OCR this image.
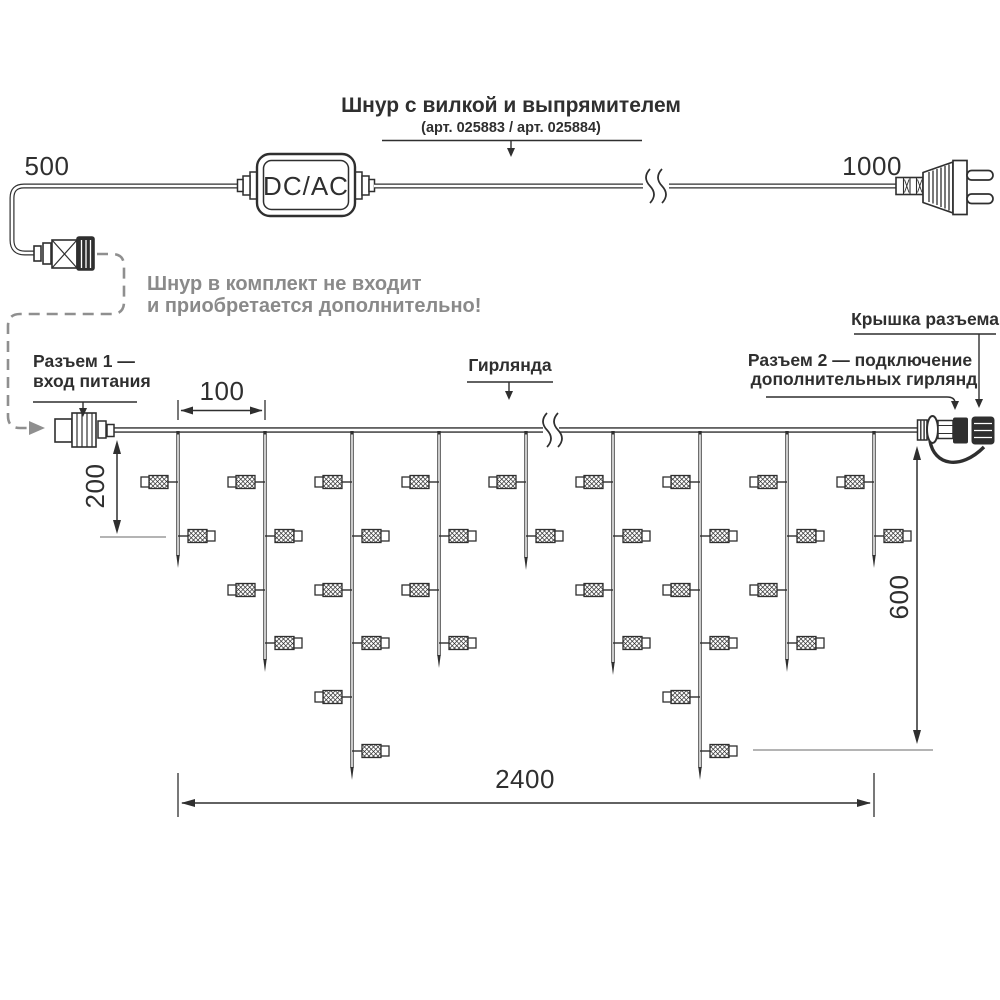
DC/AC
500	1000
Шнур с вилкой и выпрямителем
(арт. 025883 / арт. 025884)
Шнур в комплект не входит
и приобретается дополнительно!
Разъем 1 —
вход питания
Гирлянда
Крышка разъема
Разъем 2 — подключение
дополнительных гирлянд
100
200
600
2400
